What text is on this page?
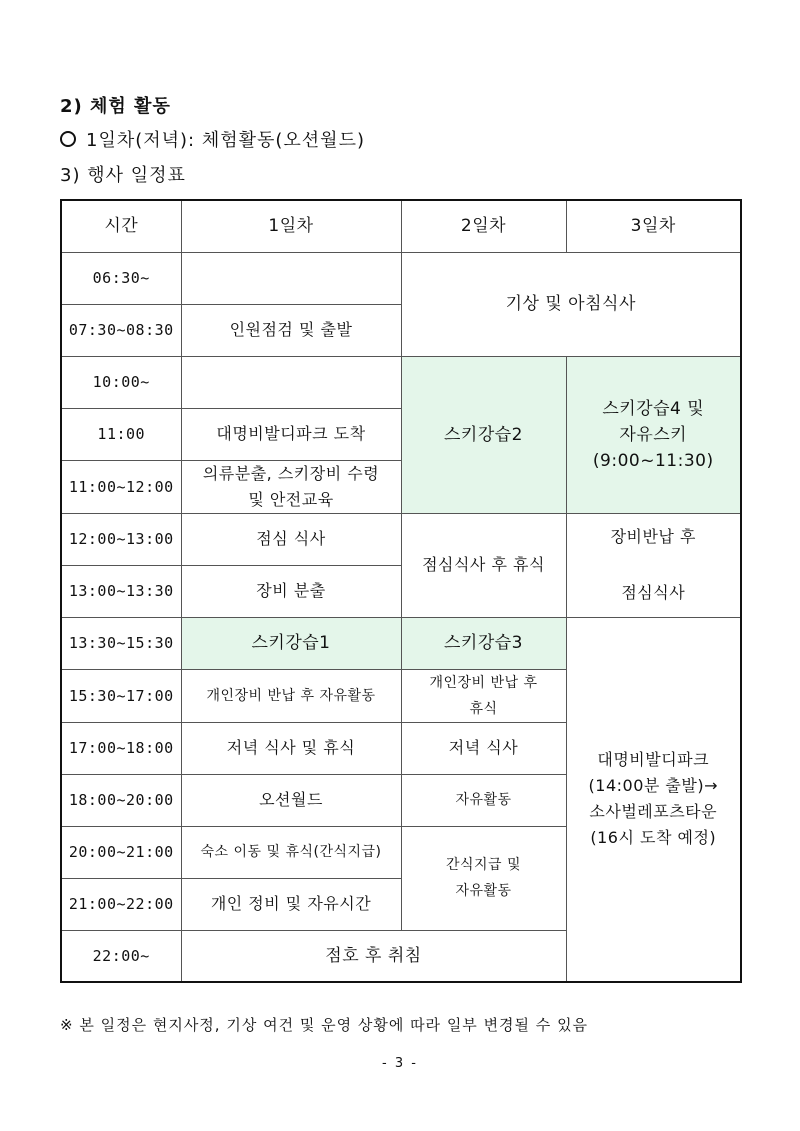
2) 체험 활동
1일차(저녁): 체험활동(오션월드)
3) 행사 일정표
시간	1일차	2일차	3일차
06:30~		기상 및 아침식사	
07:30~08:30	인원점검 및 출발		
10:00~		스키강습2	스키강습4 및
자유스키
(9:00~11:30)

11:00	대명비발디파크 도착		
11:00~12:00	의류분출, 스키장비 수령
및 안전교육		

12:00~13:00	점심 식사	점심식사 후 휴식	장비반납 후
점심식사

13:00~13:30	장비 분출		
13:30~15:30	스키강습1	스키강습3	대명비발디파크
(14:00분 출발)→
소사벌레포츠타운
(16시 도착 예정)

15:30~17:00	개인장비 반납 후 자유활동	개인장비 반납 후
휴식	

17:00~18:00	저녁 식사 및 휴식	저녁 식사	
18:00~20:00	오션월드	자유활동	
20:00~21:00	숙소 이동 및 휴식(간식지급)	간식지급 및
자유활동	

21:00~22:00	개인 정비 및 자유시간		
22:00~	점호 후 취침		
※ 본 일정은 현지사정, 기상 여건 및 운영 상황에 따라 일부 변경될 수 있음
- 3 -
